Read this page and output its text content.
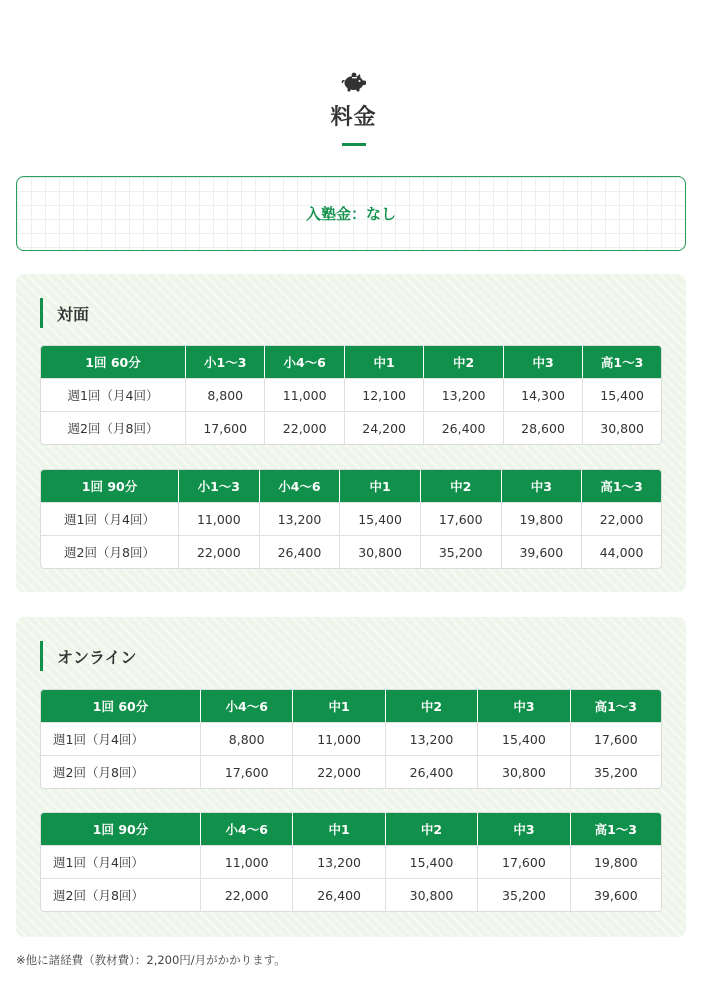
料金
入塾金：なし
対面
1回 60分	小1〜3	小4〜6	中1	中2	中3	高1〜3
週1回（月4回）	8,800	11,000	12,100	13,200	14,300	15,400
週2回（月8回）	17,600	22,000	24,200	26,400	28,600	30,800
1回 90分	小1〜3	小4〜6	中1	中2	中3	高1〜3
週1回（月4回）	11,000	13,200	15,400	17,600	19,800	22,000
週2回（月8回）	22,000	26,400	30,800	35,200	39,600	44,000
オンライン
1回 60分	小4〜6	中1	中2	中3	高1〜3
週1回（月4回）	8,800	11,000	13,200	15,400	17,600
週2回（月8回）	17,600	22,000	26,400	30,800	35,200
1回 90分	小4〜6	中1	中2	中3	高1〜3
週1回（月4回）	11,000	13,200	15,400	17,600	19,800
週2回（月8回）	22,000	26,400	30,800	35,200	39,600
※他に諸経費（教材費）：2,200円/月がかかります。
